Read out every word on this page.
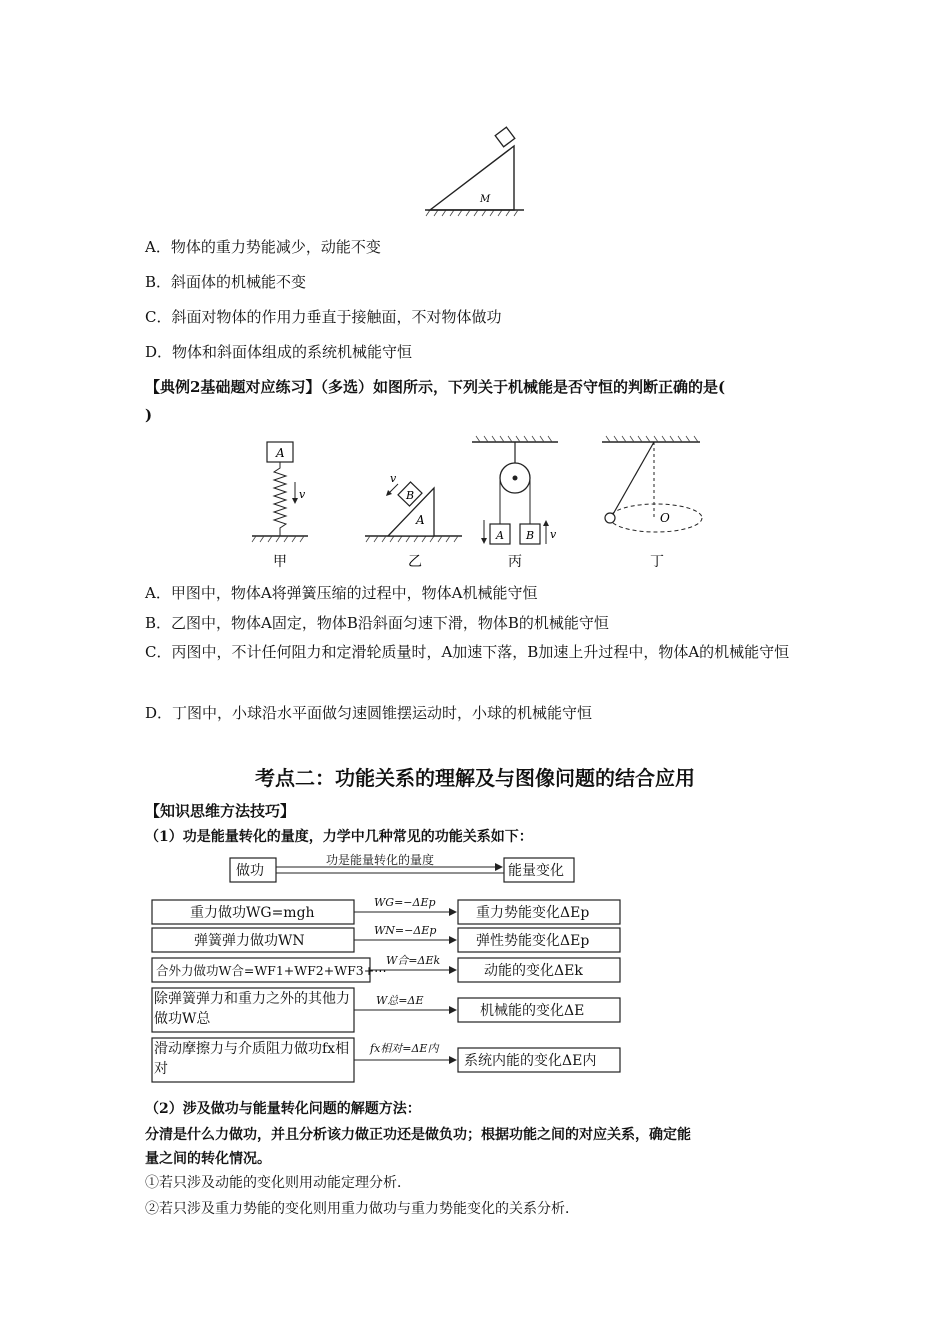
M
A．物体的重力势能减少，动能不变
B．斜面体的机械能不变
C．斜面对物体的作用力垂直于接触面，不对物体做功
D．物体和斜面体组成的系统机械能守恒
【典例2基础题对应练习】（多选）如图所示，下列关于机械能是否守恒的判断正确的是(
)
A
v
甲
A
B
v
乙
A B v
丙
O
丁
A．甲图中，物体A将弹簧压缩的过程中，物体A机械能守恒
B．乙图中，物体A固定，物体B沿斜面匀速下滑，物体B的机械能守恒
C．丙图中，不计任何阻力和定滑轮质量时，A加速下落，B加速上升过程中，物体A的机械能守恒
D．丁图中，小球沿水平面做匀速圆锥摆运动时，小球的机械能守恒
考点二：功能关系的理解及与图像问题的结合应用
【知识思维方法技巧】
（1）功是能量转化的量度，力学中几种常见的功能关系如下：
做功	能量变化
功是能量转化的量度
重力做功WG=mgh
WG=−ΔEp
重力势能变化ΔEp
弹簧弹力做功WN
WN=−ΔEp
弹性势能变化ΔEp
合外力做功W合=WF1+WF2+WF3+⋯
W合=ΔEk
动能的变化ΔEk
除弹簧弹力和重力之外的其他力做功W总
W总=ΔE
机械能的变化ΔE
滑动摩擦力与介质阻力做功fx相对
fx相对=ΔE内
系统内能的变化ΔE内
（2）涉及做功与能量转化问题的解题方法：
分清是什么力做功，并且分析该力做正功还是做负功；根据功能之间的对应关系，确定能
量之间的转化情况。
①若只涉及动能的变化则用动能定理分析．
②若只涉及重力势能的变化则用重力做功与重力势能变化的关系分析．
